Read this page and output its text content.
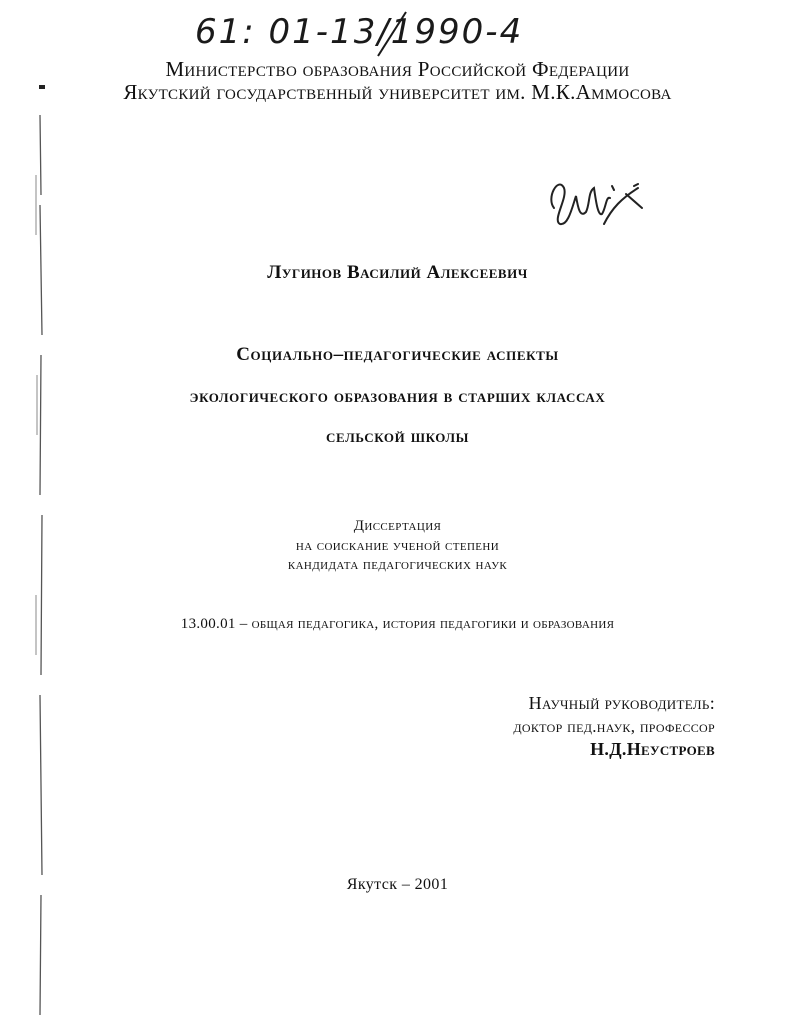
61: 01-13/1990-4
Министерство образования Российской Федерации
Якутский государственный университет им. М.К.Аммосова
Лугинов Василий Алексеевич
Социально–педагогические аспекты
экологического образования в старших классах
сельской школы
Диссертация
на соискание ученой степени
кандидата педагогических наук
13.00.01 – общая педагогика, история педагогики и образования
Научный руководитель:
доктор пед.наук, профессор
Н.Д.Неустроев
Якутск – 2001
